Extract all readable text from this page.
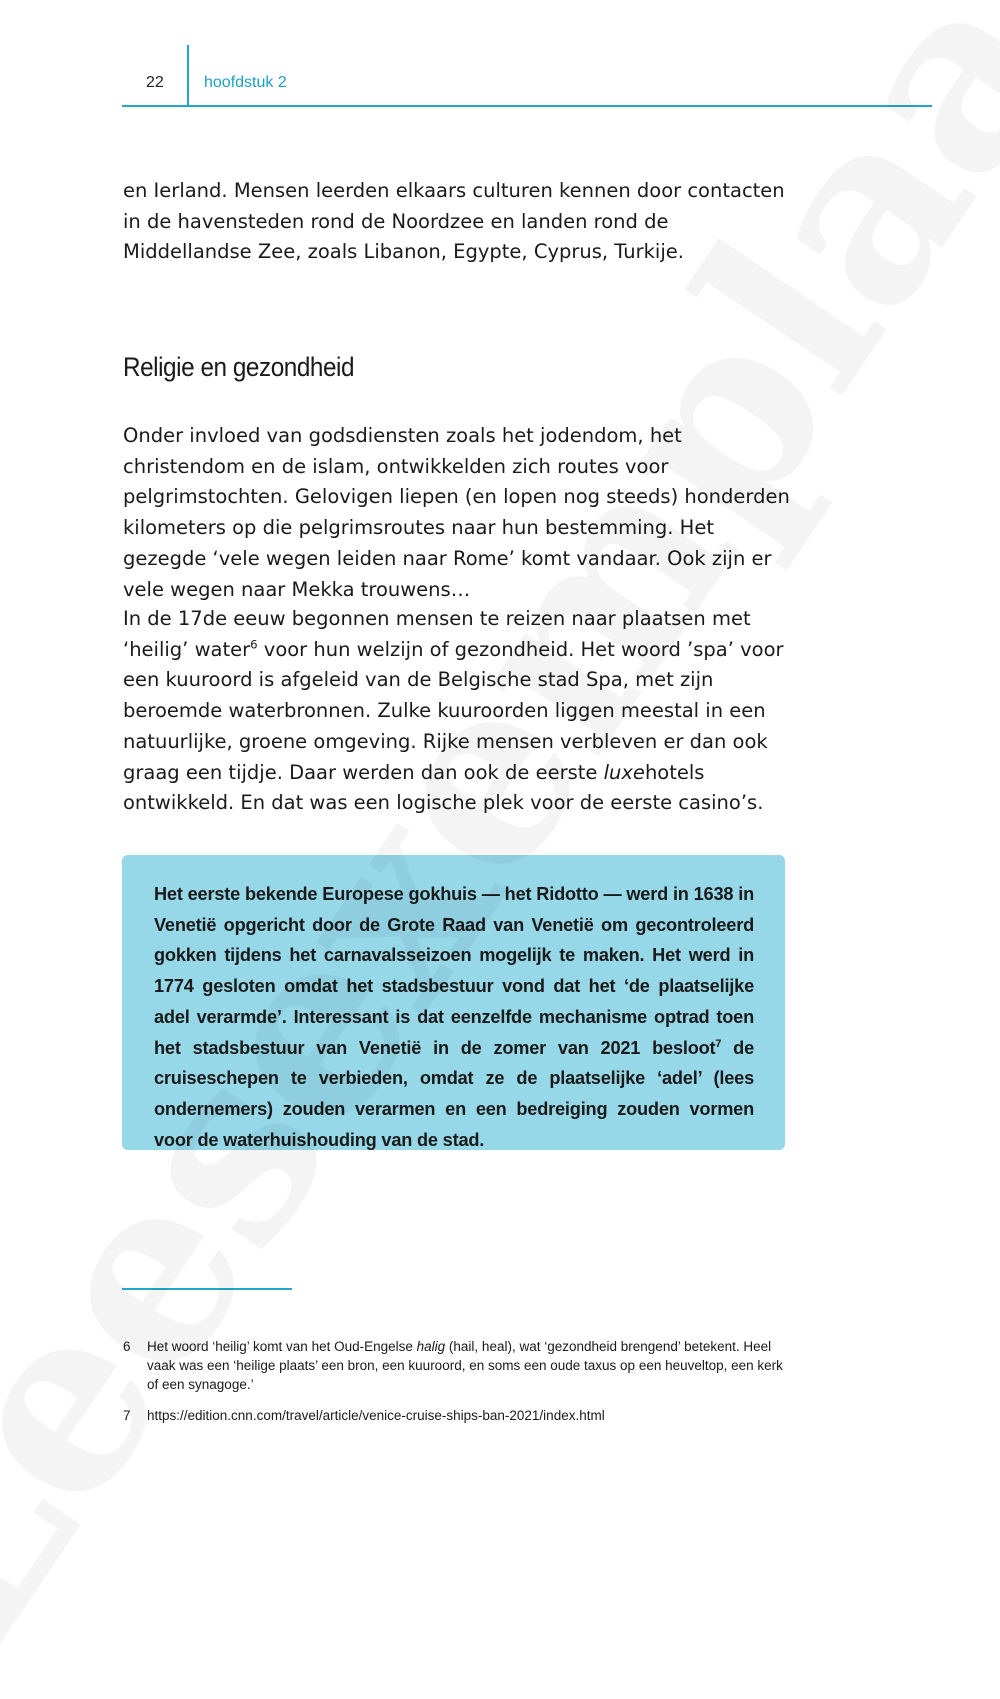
22	hoofdstuk 2

en Ierland. Mensen leerden elkaars culturen kennen door contacten in de havensteden rond de Noordzee en landen rond de Middellandse Zee, zoals Libanon, Egypte, Cyprus, Turkije.

Religie en gezondheid

Onder invloed van godsdiensten zoals het jodendom, het christendom en de islam, ontwikkelden zich routes voor pelgrimstochten. Gelovigen liepen (en lopen nog steeds) honderden kilometers op die pelgrimsroutes naar hun bestemming. Het gezegde ‘vele wegen leiden naar Rome’ komt vandaar. Ook zijn er vele wegen naar Mekka trouwens…

In de 17de eeuw begonnen mensen te reizen naar plaatsen met ‘heilig’ water$^6$ voor hun welzijn of gezondheid. Het woord ’spa’ voor een kuuroord is afgeleid van de Belgische stad Spa, met zijn beroemde waterbronnen. Zulke kuuroorden liggen meestal in een natuurlijke, groene omgeving. Rijke mensen verbleven er dan ook graag een tijdje. Daar werden dan ook de eerste luxehotels ontwikkeld. En dat was een logische plek voor de eerste casino’s.

Het eerste bekende Europese gokhuis — het Ridotto — werd in 1638 in Venetië opgericht door de Grote Raad van Venetië om gecontroleerd gokken tijdens het carnavalsseizoen mogelijk te maken. Het werd in 1774 gesloten omdat het stadsbestuur vond dat het ‘de plaatselijke adel verarmde’. Interessant is dat eenzelfde mechanisme optrad toen het stadsbestuur van Venetië in de zomer van 2021 besloot$^7$ de cruiseschepen te verbieden, omdat ze de plaatselijke ‘adel’ (lees ondernemers) zouden verarmen en een bedreiging zouden vormen voor de waterhuishouding van de stad.

6	Het woord ‘heilig’ komt van het Oud-Engelse halig (hail, heal), wat ‘gezondheid brengend’ betekent. Heel vaak was een ‘heilige plaats’ een bron, een kuuroord, en soms een oude taxus op een heuveltop, een kerk of een synagoge.’
7	https://edition.cnn.com/travel/article/venice-cruise-ships-ban-2021/index.html
